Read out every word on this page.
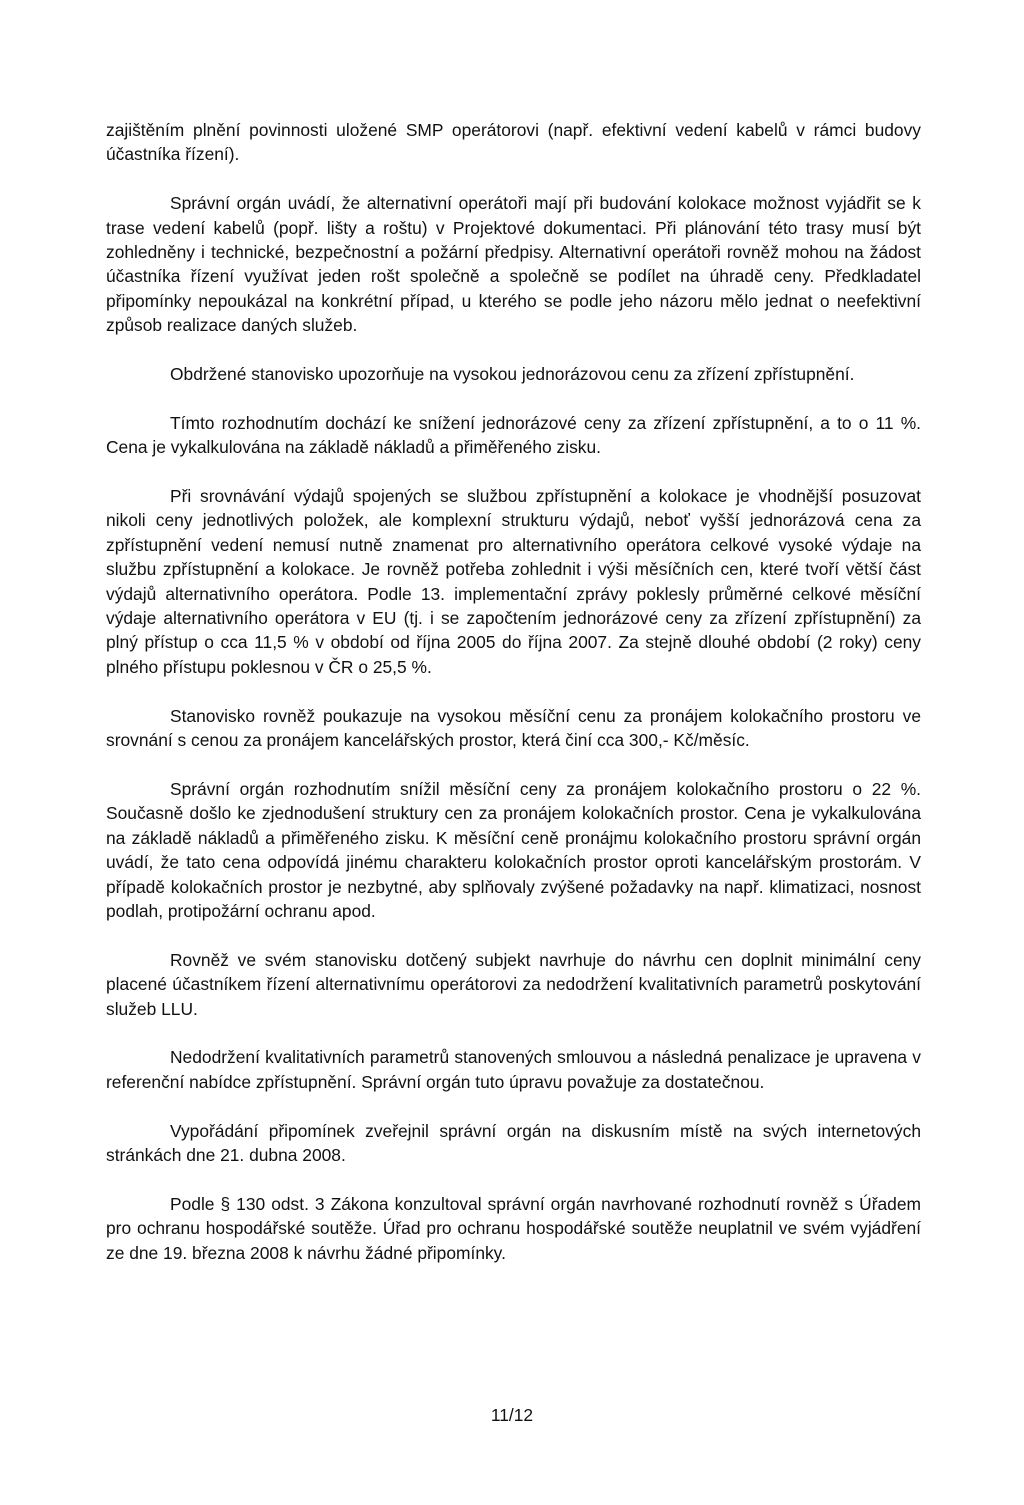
zajištěním plnění povinnosti uložené SMP operátorovi (např. efektivní vedení kabelů v rámci budovy účastníka řízení).

Správní orgán uvádí, že alternativní operátoři mají při budování kolokace možnost vyjádřit se k trase vedení kabelů (popř. lišty a roštu) v Projektové dokumentaci. Při plánování této trasy musí být zohledněny i technické, bezpečnostní a požární předpisy. Alternativní operátoři rovněž mohou na žádost účastníka řízení využívat jeden rošt společně a společně se podílet na úhradě ceny. Předkladatel připomínky nepoukázal na konkrétní případ, u kterého se podle jeho názoru mělo jednat o neefektivní způsob realizace daných služeb.

Obdržené stanovisko upozorňuje na vysokou jednorázovou cenu za zřízení zpřístupnění.

Tímto rozhodnutím dochází ke snížení jednorázové ceny za zřízení zpřístupnění, a to o 11 %. Cena je vykalkulována na základě nákladů a přiměřeného zisku.

Při srovnávání výdajů spojených se službou zpřístupnění a kolokace je vhodnější posuzovat nikoli ceny jednotlivých položek, ale komplexní strukturu výdajů, neboť vyšší jednorázová cena za zpřístupnění vedení nemusí nutně znamenat pro alternativního operátora celkové vysoké výdaje na službu zpřístupnění a kolokace. Je rovněž potřeba zohlednit i výši měsíčních cen, které tvoří větší část výdajů alternativního operátora. Podle 13. implementační zprávy poklesly průměrné celkové měsíční výdaje alternativního operátora v EU (tj. i se započtením jednorázové ceny za zřízení zpřístupnění) za plný přístup o cca 11,5 % v období od října 2005 do října 2007. Za stejně dlouhé období (2 roky) ceny plného přístupu poklesnou v ČR o 25,5 %.

Stanovisko rovněž poukazuje na vysokou měsíční cenu za pronájem kolokačního prostoru ve srovnání s cenou za pronájem kancelářských prostor, která činí cca 300,- Kč/měsíc.

Správní orgán rozhodnutím snížil měsíční ceny za pronájem kolokačního prostoru o 22 %. Současně došlo ke zjednodušení struktury cen za pronájem kolokačních prostor. Cena je vykalkulována na základě nákladů a přiměřeného zisku. K měsíční ceně pronájmu kolokačního prostoru správní orgán uvádí, že tato cena odpovídá jinému charakteru kolokačních prostor oproti kancelářským prostorám. V případě kolokačních prostor je nezbytné, aby splňovaly zvýšené požadavky na např. klimatizaci, nosnost podlah, protipožární ochranu apod.

Rovněž ve svém stanovisku dotčený subjekt navrhuje do návrhu cen doplnit minimální ceny placené účastníkem řízení alternativnímu operátorovi za nedodržení kvalitativních parametrů poskytování služeb LLU.

Nedodržení kvalitativních parametrů stanovených smlouvou a následná penalizace je upravena v referenční nabídce zpřístupnění. Správní orgán tuto úpravu považuje za dostatečnou.

Vypořádání připomínek zveřejnil správní orgán na diskusním místě na svých internetových stránkách dne 21. dubna 2008.

Podle § 130 odst. 3 Zákona konzultoval správní orgán navrhované rozhodnutí rovněž s Úřadem pro ochranu hospodářské soutěže. Úřad pro ochranu hospodářské soutěže neuplatnil ve svém vyjádření ze dne 19. března 2008 k návrhu žádné připomínky.

11/12
